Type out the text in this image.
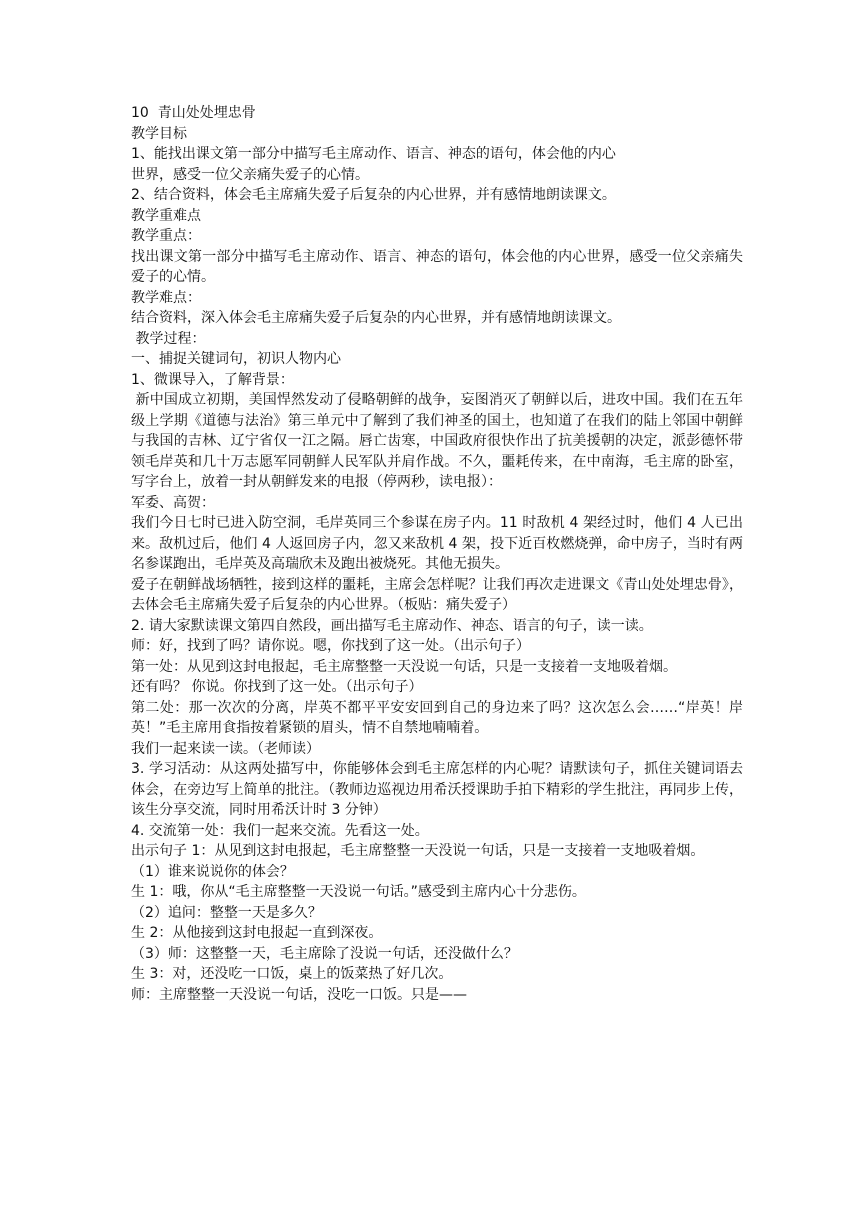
10  青山处处埋忠骨

教学目标

1、能找出课文第一部分中描写毛主席动作、语言、神态的语句，体会他的内心

世界，感受一位父亲痛失爱子的心情。

2、结合资料，体会毛主席痛失爱子后复杂的内心世界，并有感情地朗读课文。

教学重难点

教学重点：

找出课文第一部分中描写毛主席动作、语言、神态的语句，体会他的内心世界，感受一位父亲痛失爱子的心情。

教学难点：

结合资料，深入体会毛主席痛失爱子后复杂的内心世界，并有感情地朗读课文。

教学过程：

一、捕捉关键词句，初识人物内心

1、微课导入，了解背景：

新中国成立初期，美国悍然发动了侵略朝鲜的战争，妄图消灭了朝鲜以后，进攻中国。我们在五年级上学期《道德与法治》第三单元中了解到了我们神圣的国土，也知道了在我们的陆上邻国中朝鲜与我国的吉林、辽宁省仅一江之隔。唇亡齿寒，中国政府很快作出了抗美援朝的决定，派彭德怀带领毛岸英和几十万志愿军同朝鲜人民军队并肩作战。不久，噩耗传来，在中南海，毛主席的卧室，写字台上，放着一封从朝鲜发来的电报（停两秒，读电报）：

军委、高贺：

我们今日七时已进入防空洞，毛岸英同三个参谋在房子内。11 时敌机 4 架经过时，他们 4 人已出来。敌机过后，他们 4 人返回房子内，忽又来敌机 4 架，投下近百枚燃烧弹，命中房子，当时有两名参谋跑出，毛岸英及高瑞欣未及跑出被烧死。其他无损失。

爱子在朝鲜战场牺牲，接到这样的噩耗，主席会怎样呢？让我们再次走进课文《青山处处埋忠骨》，去体会毛主席痛失爱子后复杂的内心世界。（板贴：痛失爱子）

2. 请大家默读课文第四自然段，画出描写毛主席动作、神态、语言的句子，读一读。

师：好，找到了吗？请你说。嗯，你找到了这一处。（出示句子）

第一处：从见到这封电报起，毛主席整整一天没说一句话，只是一支接着一支地吸着烟。

还有吗？ 你说。你找到了这一处。（出示句子）

第二处：那一次次的分离，岸英不都平平安安回到自己的身边来了吗？这次怎么会……“岸英！岸英！”毛主席用食指按着紧锁的眉头，情不自禁地喃喃着。

我们一起来读一读。（老师读）

3. 学习活动：从这两处描写中，你能够体会到毛主席怎样的内心呢？请默读句子，抓住关键词语去体会，在旁边写上简单的批注。（教师边巡视边用希沃授课助手拍下精彩的学生批注，再同步上传，该生分享交流，同时用希沃计时 3 分钟）

4. 交流第一处：我们一起来交流。先看这一处。

出示句子 1：从见到这封电报起，毛主席整整一天没说一句话，只是一支接着一支地吸着烟。

（1）谁来说说你的体会？

生 1：哦，你从“毛主席整整一天没说一句话。”感受到主席内心十分悲伤。

（2）追问：整整一天是多久？

生 2：从他接到这封电报起一直到深夜。

（3）师：这整整一天，毛主席除了没说一句话，还没做什么？

生 3：对，还没吃一口饭，桌上的饭菜热了好几次。

师：主席整整一天没说一句话，没吃一口饭。只是——
